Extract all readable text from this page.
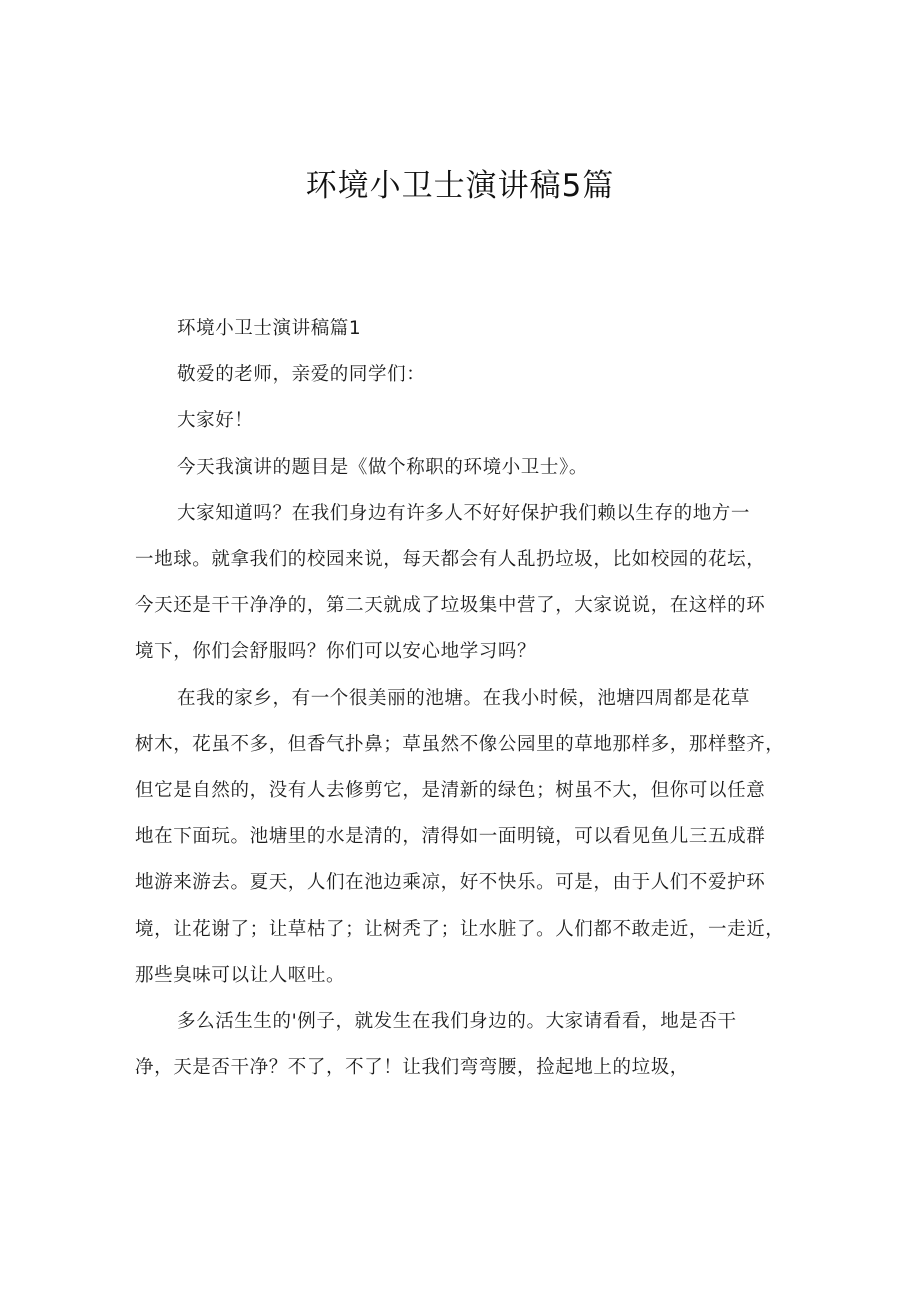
环境小卫士演讲稿5篇

环境小卫士演讲稿篇1

敬爱的老师，亲爱的同学们：

大家好！

今天我演讲的题目是《做个称职的环境小卫士》。

大家知道吗？在我们身边有许多人不好好保护我们赖以生存的地方一
一地球。就拿我们的校园来说，每天都会有人乱扔垃圾，比如校园的花坛，
今天还是干干净净的，第二天就成了垃圾集中营了，大家说说，在这样的环
境下，你们会舒服吗？你们可以安心地学习吗？

在我的家乡，有一个很美丽的池塘。在我小时候，池塘四周都是花草
树木，花虽不多，但香气扑鼻；草虽然不像公园里的草地那样多，那样整齐，
但它是自然的，没有人去修剪它，是清新的绿色；树虽不大，但你可以任意
地在下面玩。池塘里的水是清的，清得如一面明镜，可以看见鱼儿三五成群
地游来游去。夏天，人们在池边乘凉，好不快乐。可是，由于人们不爱护环
境，让花谢了；让草枯了；让树秃了；让水脏了。人们都不敢走近，一走近，
那些臭味可以让人呕吐。

多么活生生的'例子，就发生在我们身边的。大家请看看，地是否干
净，天是否干净？不了，不了！让我们弯弯腰，捡起地上的垃圾，
